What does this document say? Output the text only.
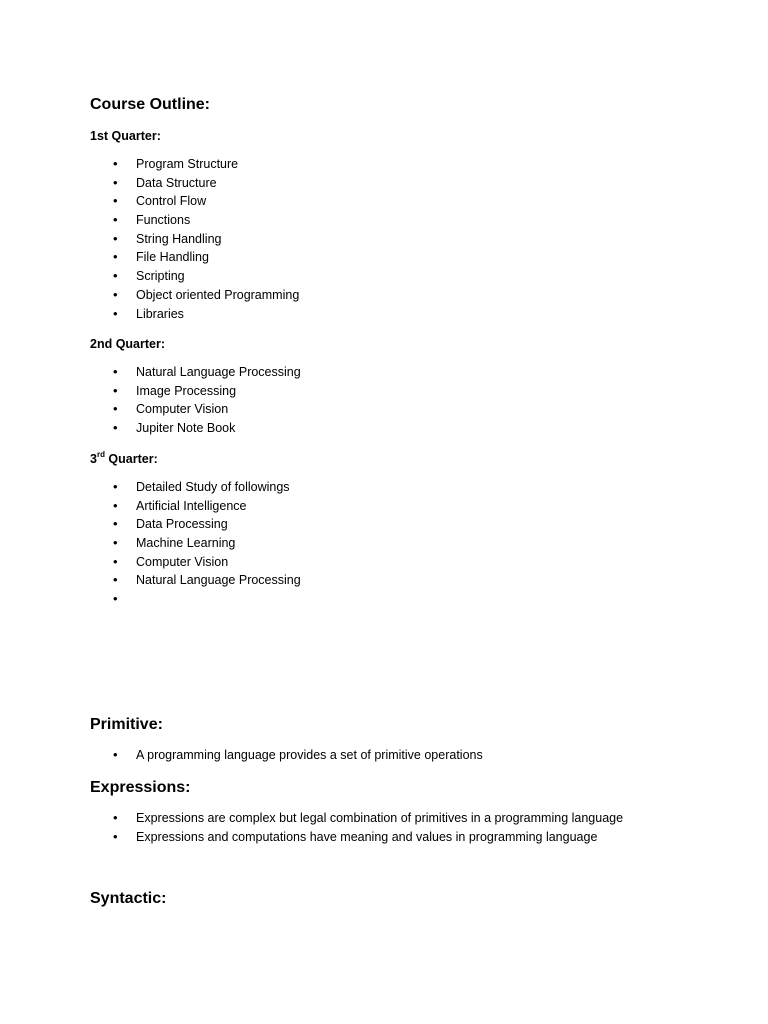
Course Outline:
1st Quarter:
• Program Structure
• Data Structure
• Control Flow
• Functions
• String Handling
• File Handling
• Scripting
• Object oriented Programming
• Libraries
2nd Quarter:
• Natural Language Processing
• Image Processing
• Computer Vision
• Jupiter Note Book
3rd Quarter:
• Detailed Study of followings
• Artificial Intelligence
• Data Processing
• Machine Learning
• Computer Vision
• Natural Language Processing
•
Primitive:
• A programming language provides a set of primitive operations
Expressions:
• Expressions are complex but legal combination of primitives in a programming language
• Expressions and computations have meaning and values in programming language
Syntactic:
